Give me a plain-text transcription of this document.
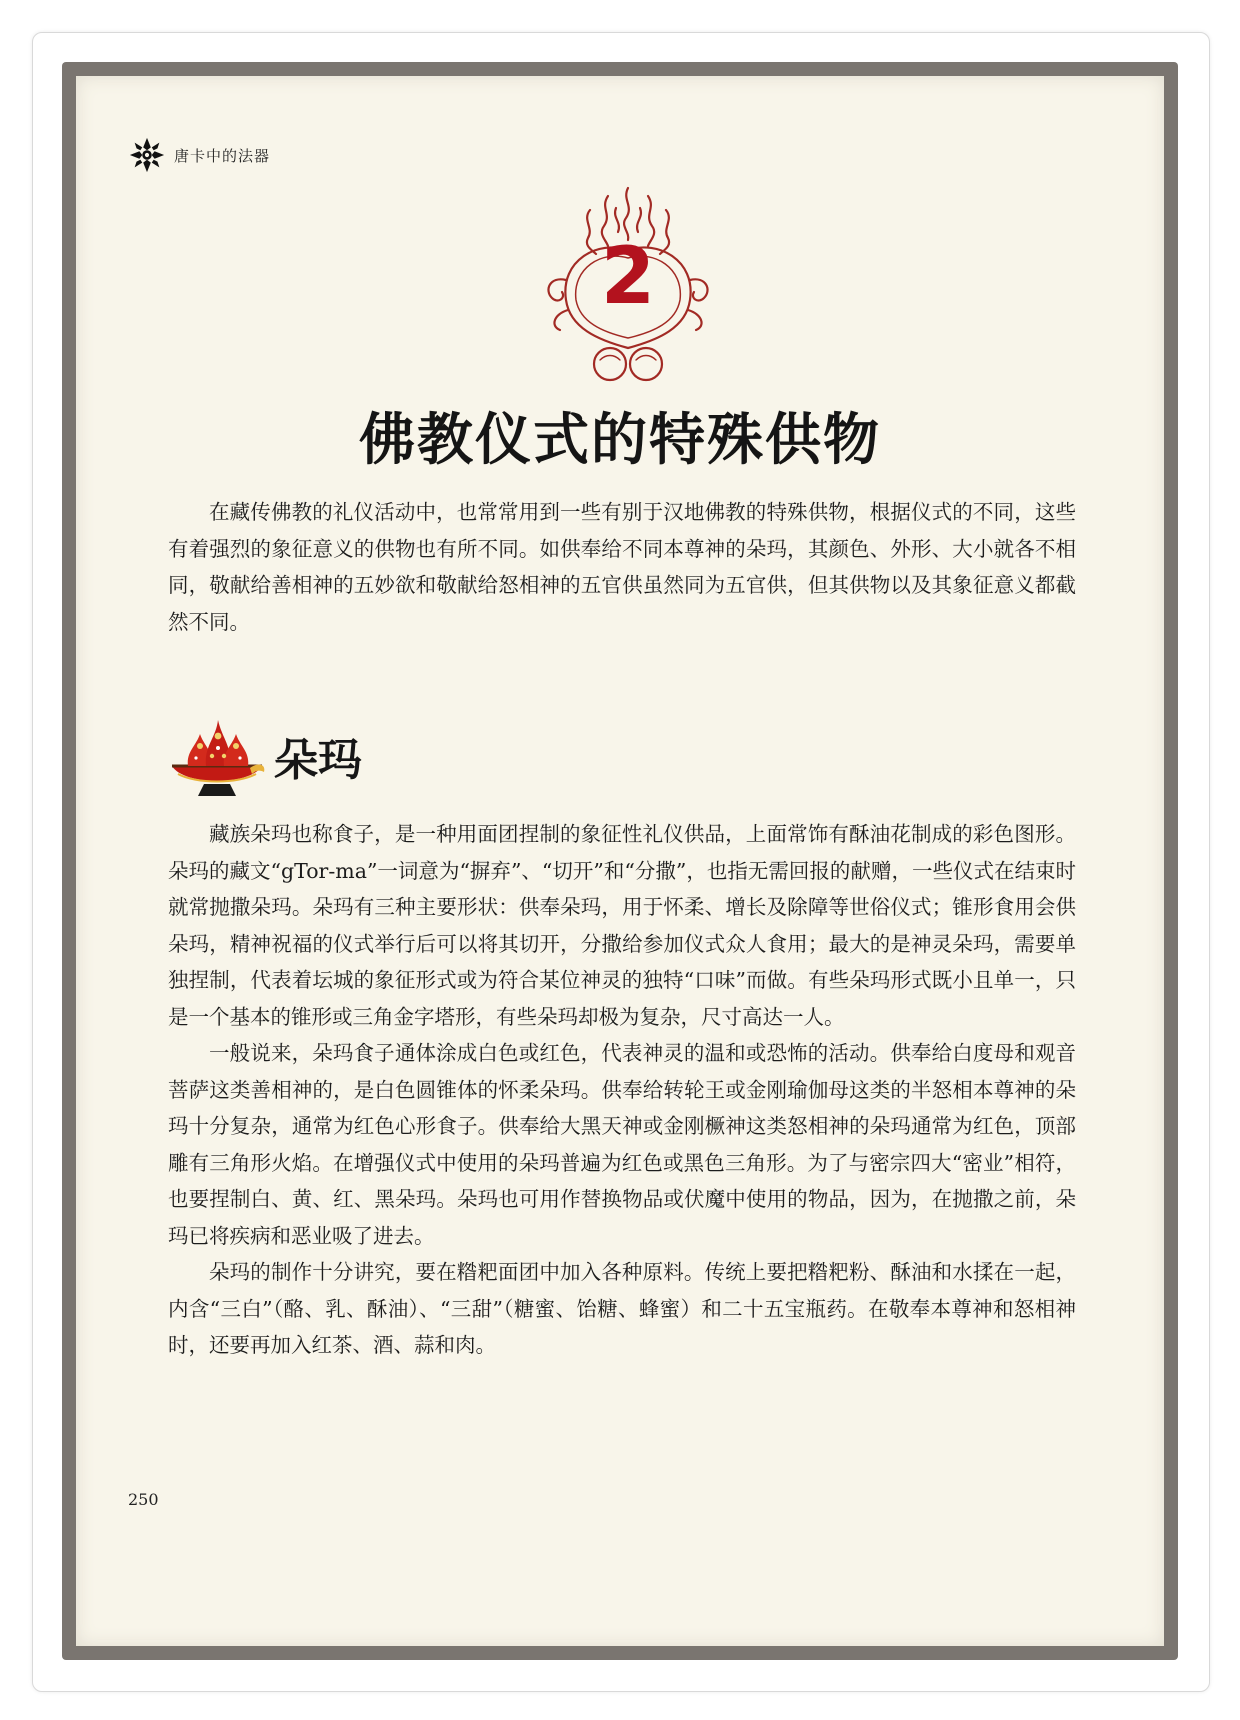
唐卡中的法器
2
佛教仪式的特殊供物

在藏传佛教的礼仪活动中，也常常用到一些有别于汉地佛教的特殊供物，根据仪式的不同，这些有着强烈的象征意义的供物也有所不同。如供奉给不同本尊神的朵玛，其颜色、外形、大小就各不相同，敬献给善相神的五妙欲和敬献给怒相神的五官供虽然同为五官供，但其供物以及其象征意义都截然不同。

朵玛

藏族朵玛也称食子，是一种用面团捏制的象征性礼仪供品，上面常饰有酥油花制成的彩色图形。朵玛的藏文“gTor-ma”一词意为“摒弃”、“切开”和“分撒”，也指无需回报的献赠，一些仪式在结束时就常抛撒朵玛。朵玛有三种主要形状：供奉朵玛，用于怀柔、增长及除障等世俗仪式；锥形食用会供朵玛，精神祝福的仪式举行后可以将其切开，分撒给参加仪式众人食用；最大的是神灵朵玛，需要单独捏制，代表着坛城的象征形式或为符合某位神灵的独特“口味”而做。有些朵玛形式既小且单一，只是一个基本的锥形或三角金字塔形，有些朵玛却极为复杂，尺寸高达一人。

一般说来，朵玛食子通体涂成白色或红色，代表神灵的温和或恐怖的活动。供奉给白度母和观音菩萨这类善相神的，是白色圆锥体的怀柔朵玛。供奉给转轮王或金刚瑜伽母这类的半怒相本尊神的朵玛十分复杂，通常为红色心形食子。供奉给大黑天神或金刚橛神这类怒相神的朵玛通常为红色，顶部雕有三角形火焰。在增强仪式中使用的朵玛普遍为红色或黑色三角形。为了与密宗四大“密业”相符，也要捏制白、黄、红、黑朵玛。朵玛也可用作替换物品或伏魔中使用的物品，因为，在抛撒之前，朵玛已将疾病和恶业吸了进去。

朵玛的制作十分讲究，要在糌粑面团中加入各种原料。传统上要把糌粑粉、酥油和水揉在一起，内含“三白”（酪、乳、酥油）、“三甜”（糖蜜、饴糖、蜂蜜）和二十五宝瓶药。在敬奉本尊神和怒相神时，还要再加入红茶、酒、蒜和肉。

250
